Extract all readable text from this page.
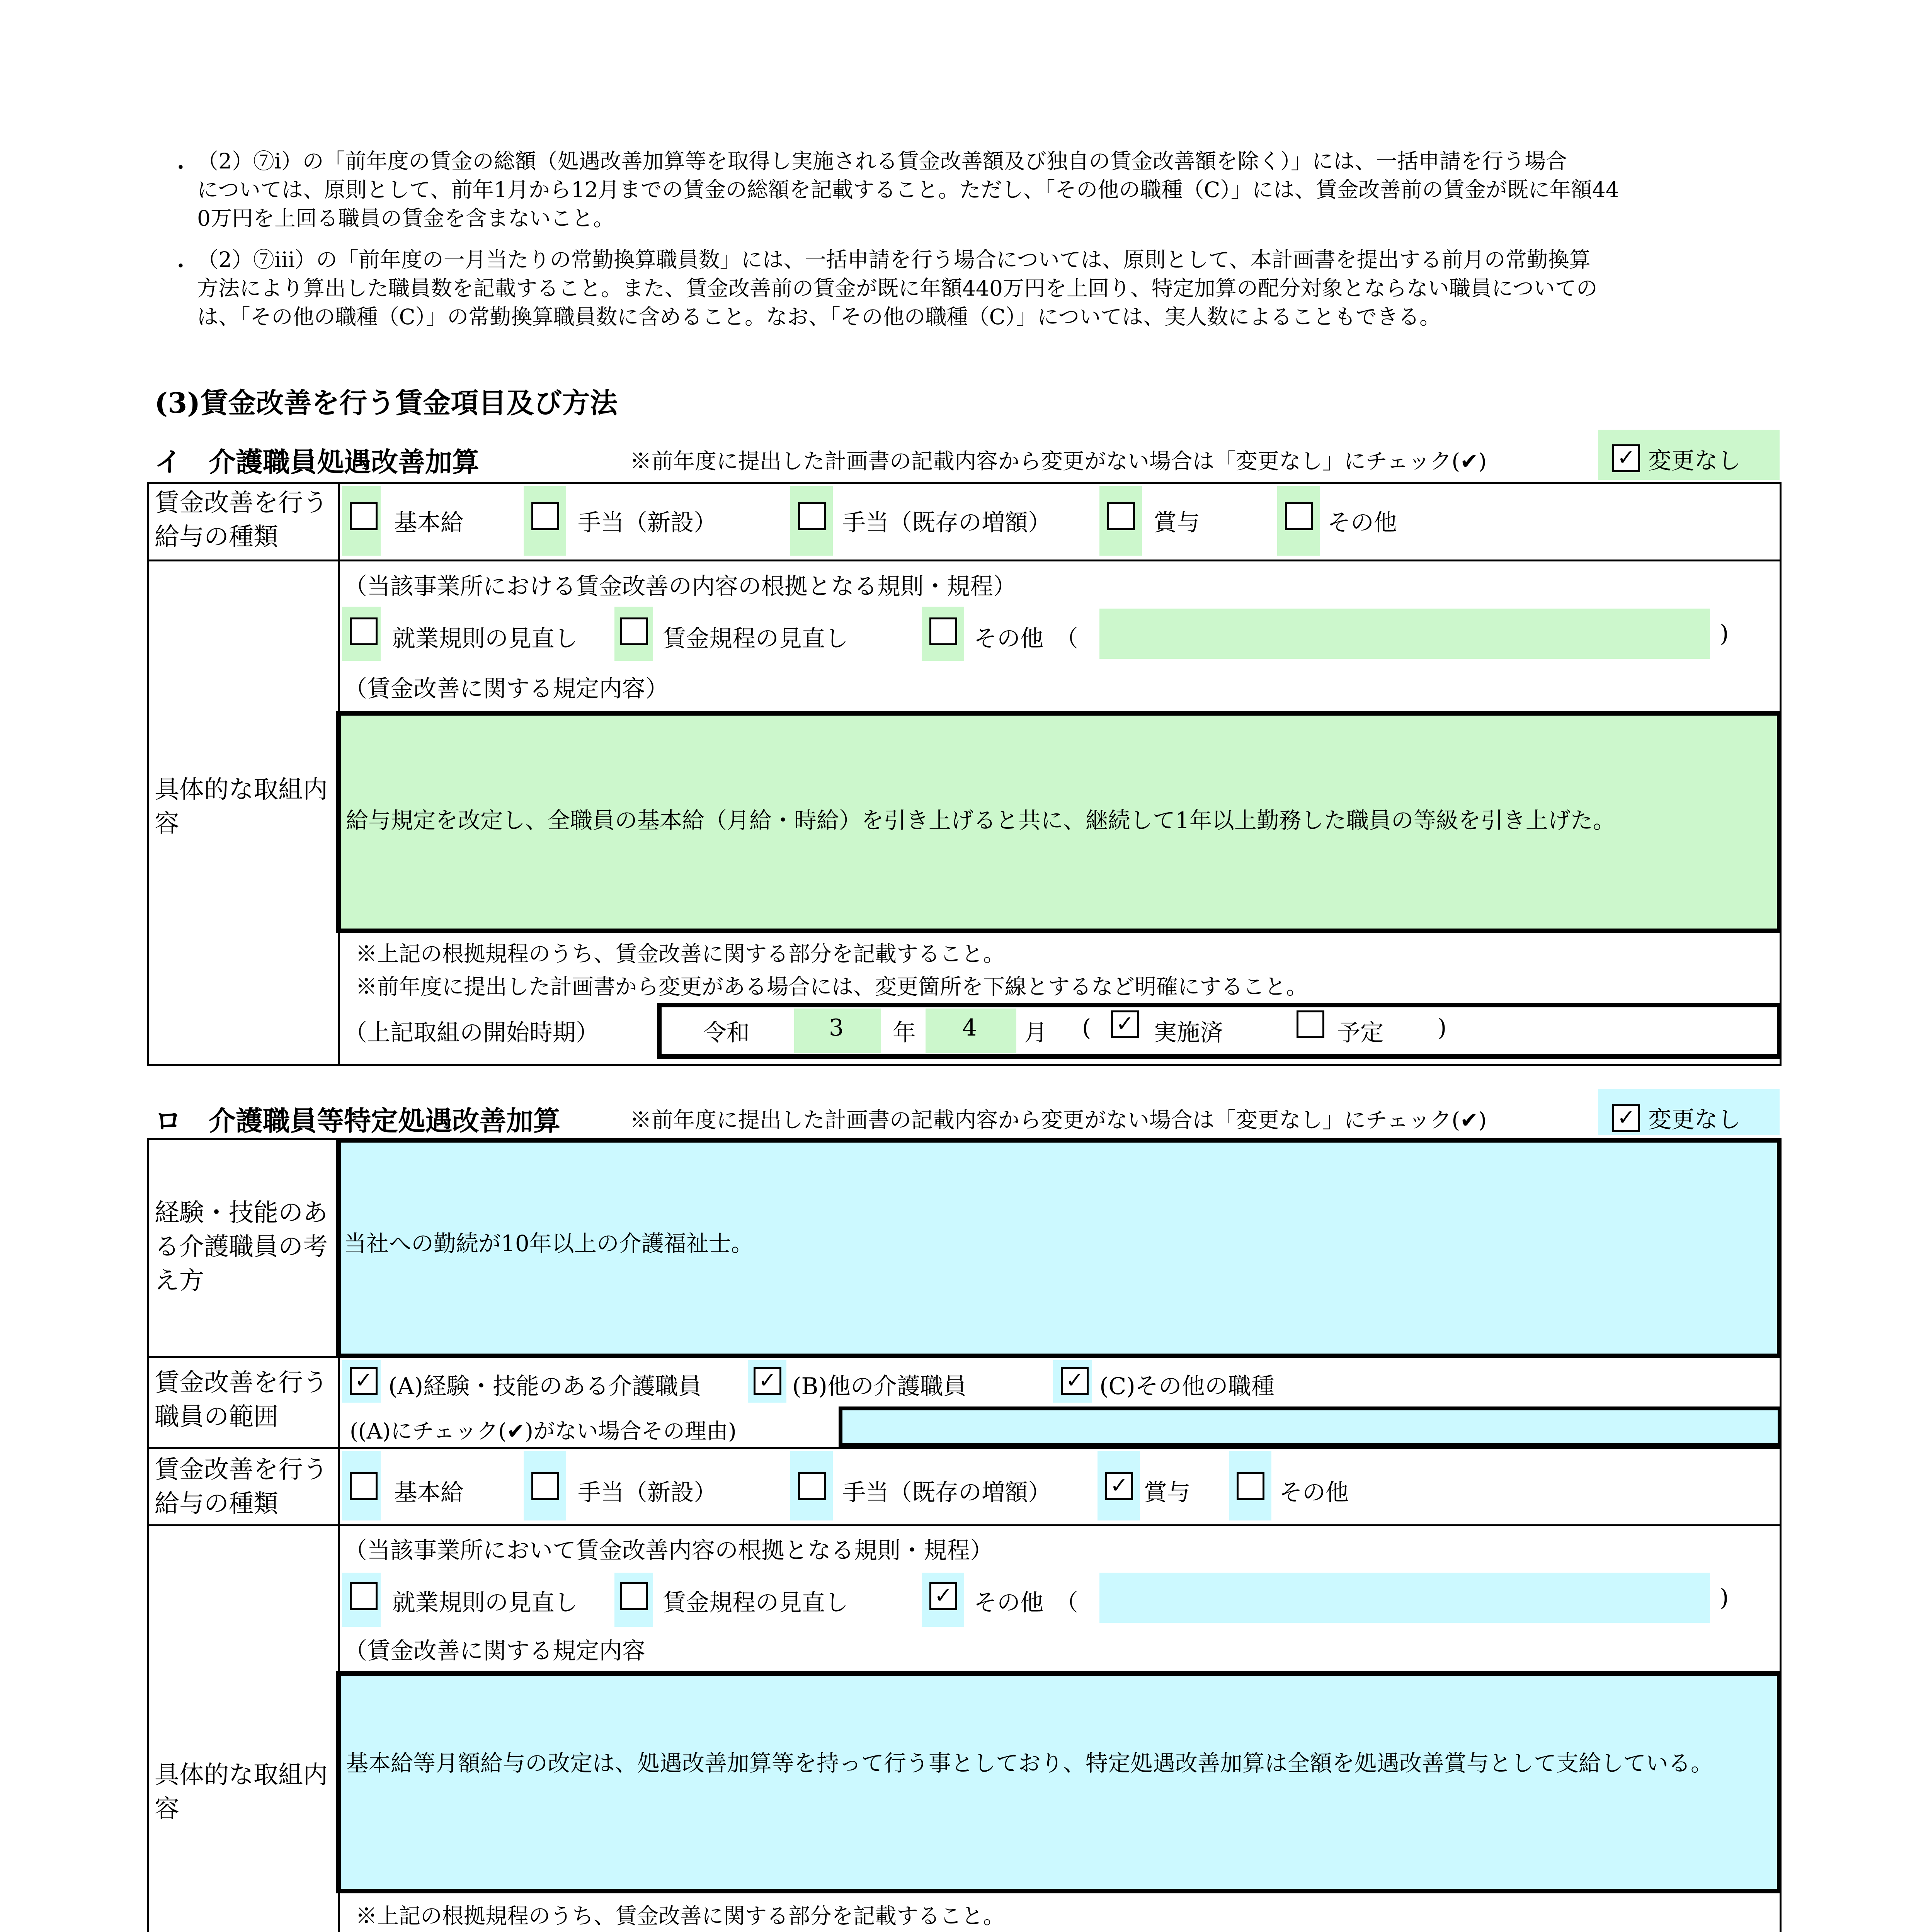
・ （2）⑦ⅰ）の「前年度の賃金の総額（処遇改善加算等を取得し実施される賃金改善額及び独自の賃金改善額を除く）」には、一括申請を行う場合
については、原則として、前年1月から12月までの賃金の総額を記載すること。ただし、「その他の職種（C）」には、賃金改善前の賃金が既に年額44
0万円を上回る職員の賃金を含まないこと。
・ （2）⑦ⅲ）の「前年度の一月当たりの常勤換算職員数」には、一括申請を行う場合については、原則として、本計画書を提出する前月の常勤換算
方法により算出した職員数を記載すること。また、賃金改善前の賃金が既に年額440万円を上回り、特定加算の配分対象とならない職員についての
は、「その他の職種（C）」の常勤換算職員数に含めること。なお、「その他の職種（C）」については、実人数によることもできる。
(3)賃金改善を行う賃金項目及び方法
イ　介護職員処遇改善加算	※前年度に提出した計画書の記載内容から変更がない場合は「変更なし」にチェック(✔)	✓ 変更なし
賃金改善を行う給与の種類	基本給	手当（新設）	手当（既存の増額）	賞与	その他
具体的な取組内容
（当該事業所における賃金改善の内容の根拠となる規則・規程）
就業規則の見直し	賃金規程の見直し	その他　（	)
（賃金改善に関する規定内容）
給与規定を改定し、全職員の基本給（月給・時給）を引き上げると共に、継続して1年以上勤務した職員の等級を引き上げた。
※上記の根拠規程のうち、賃金改善に関する部分を記載すること。
※前年度に提出した計画書から変更がある場合には、変更箇所を下線とするなど明確にすること。
（上記取組の開始時期）	令和	3 年 4 月 ( ✓ 実施済	予定 )
ロ　介護職員等特定処遇改善加算	※前年度に提出した計画書の記載内容から変更がない場合は「変更なし」にチェック(✔)	✓ 変更なし
経験・技能のある介護職員の考え方
当社への勤続が10年以上の介護福祉士。
賃金改善を行う職員の範囲
✓ (A)経験・技能のある介護職員	✓ (B)他の介護職員	✓ (C)その他の職種
((A)にチェック(✔)がない場合その理由)
賃金改善を行う給与の種類	基本給	手当（新設）	手当（既存の増額）	✓ 賞与	その他
具体的な取組内容
（当該事業所において賃金改善内容の根拠となる規則・規程）
就業規則の見直し	賃金規程の見直し	✓ その他　（	)
（賃金改善に関する規定内容
基本給等月額給与の改定は、処遇改善加算等を持って行う事としており、特定処遇改善加算は全額を処遇改善賞与として支給している。
※上記の根拠規程のうち、賃金改善に関する部分を記載すること。
